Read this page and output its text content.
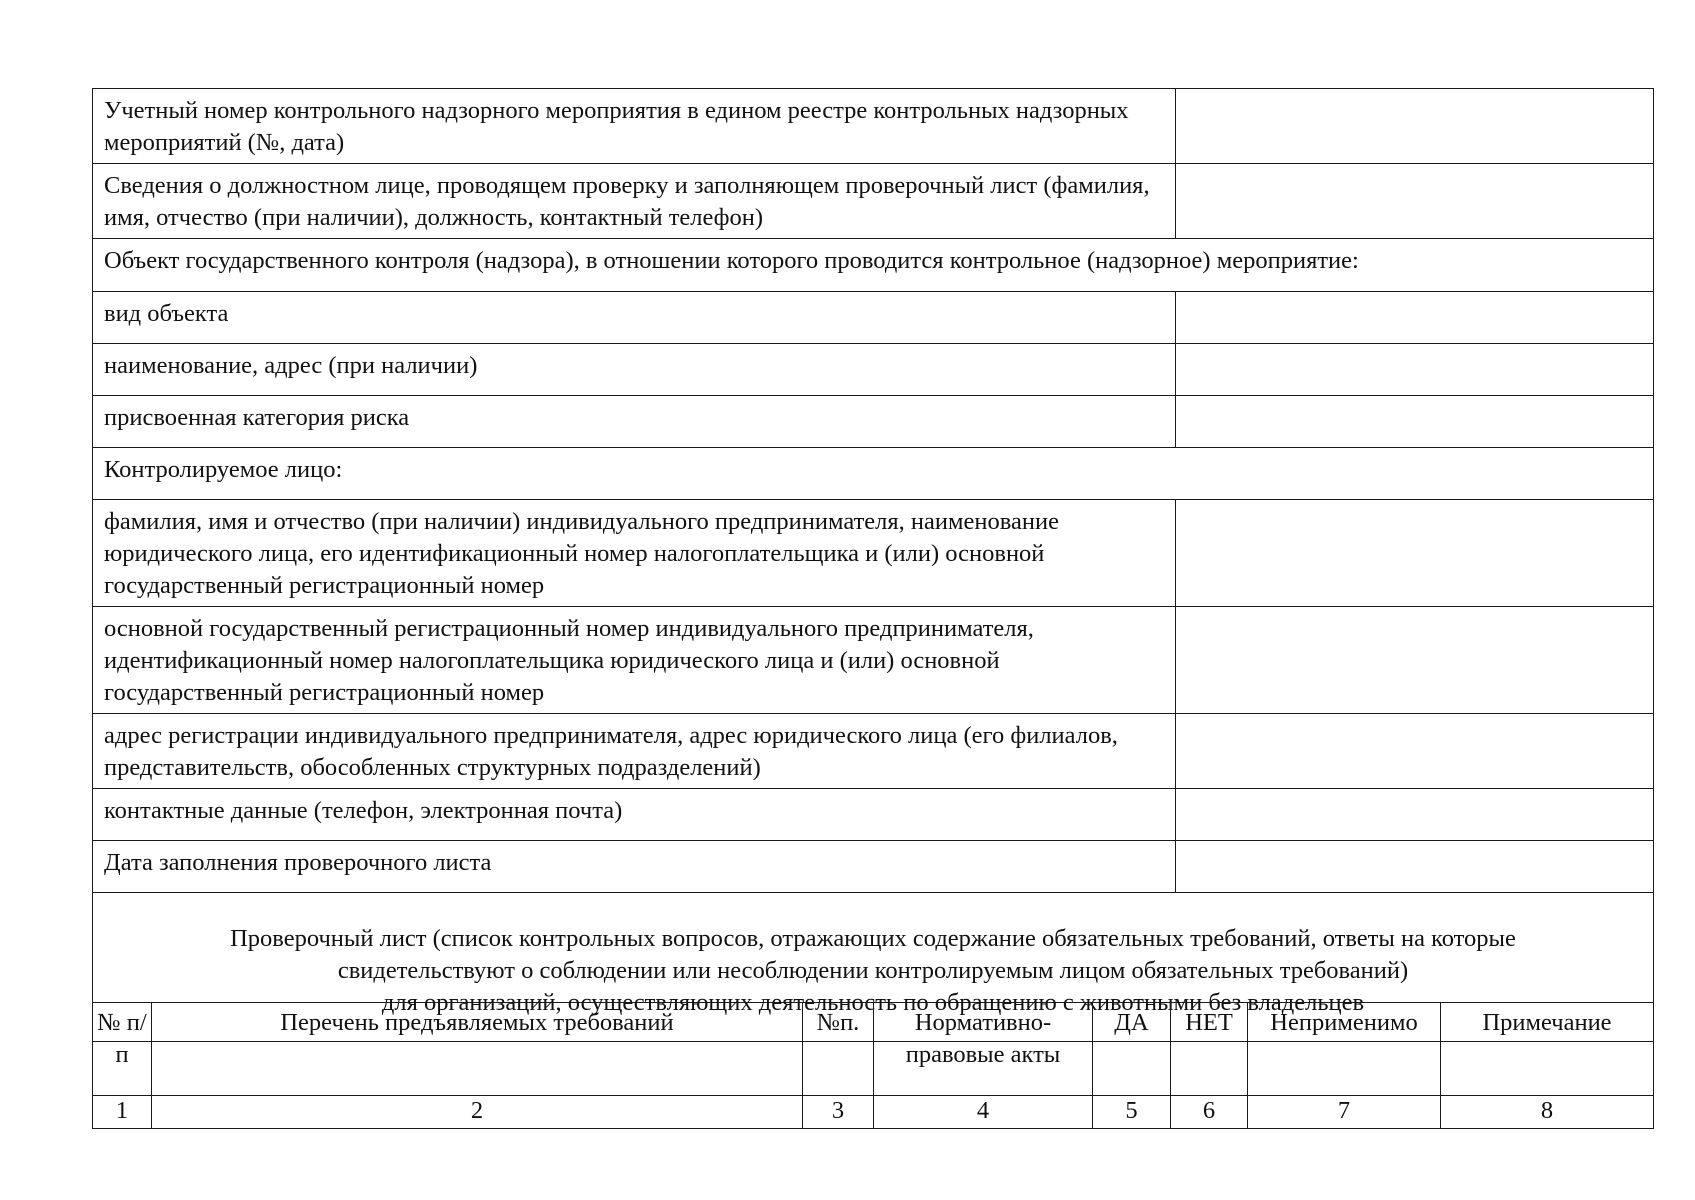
Учетный номер контрольного надзорного мероприятия в едином реестре контрольных надзорных мероприятий (№, дата)	
Сведения о должностном лице, проводящем проверку и заполняющем проверочный лист (фамилия, имя, отчество (при наличии), должность, контактный телефон)	
Объект государственного контроля (надзора), в отношении которого проводится контрольное (надзорное) мероприятие:	
вид объекта	
наименование, адрес (при наличии)	
присвоенная категория риска	
Контролируемое лицо:	
фамилия, имя и отчество (при наличии) индивидуального предпринимателя, наименование юридического лица, его идентификационный номер налогоплательщика и (или) основной государственный регистрационный номер	
основной государственный регистрационный номер индивидуального предпринимателя, идентификационный номер налогоплательщика юридического лица и (или) основной государственный регистрационный номер	
адрес регистрации индивидуального предпринимателя, адрес юридического лица (его филиалов, представительств, обособленных структурных подразделений)	
контактные данные (телефон, электронная почта)	
Дата заполнения проверочного листа	

Проверочный лист (список контрольных вопросов, отражающих содержание обязательных требований, ответы на которые
свидетельствуют о соблюдении или несоблюдении контролируемым лицом обязательных требований)
для организаций, осуществляющих деятельность по обращению с животными без владельцев	
№ п/п	Перечень предъявляемых требований	№п.	Нормативно-правовые акты	ДА	НЕТ	Неприменимо	Примечание
1	2	3	4	5	6	7	8
